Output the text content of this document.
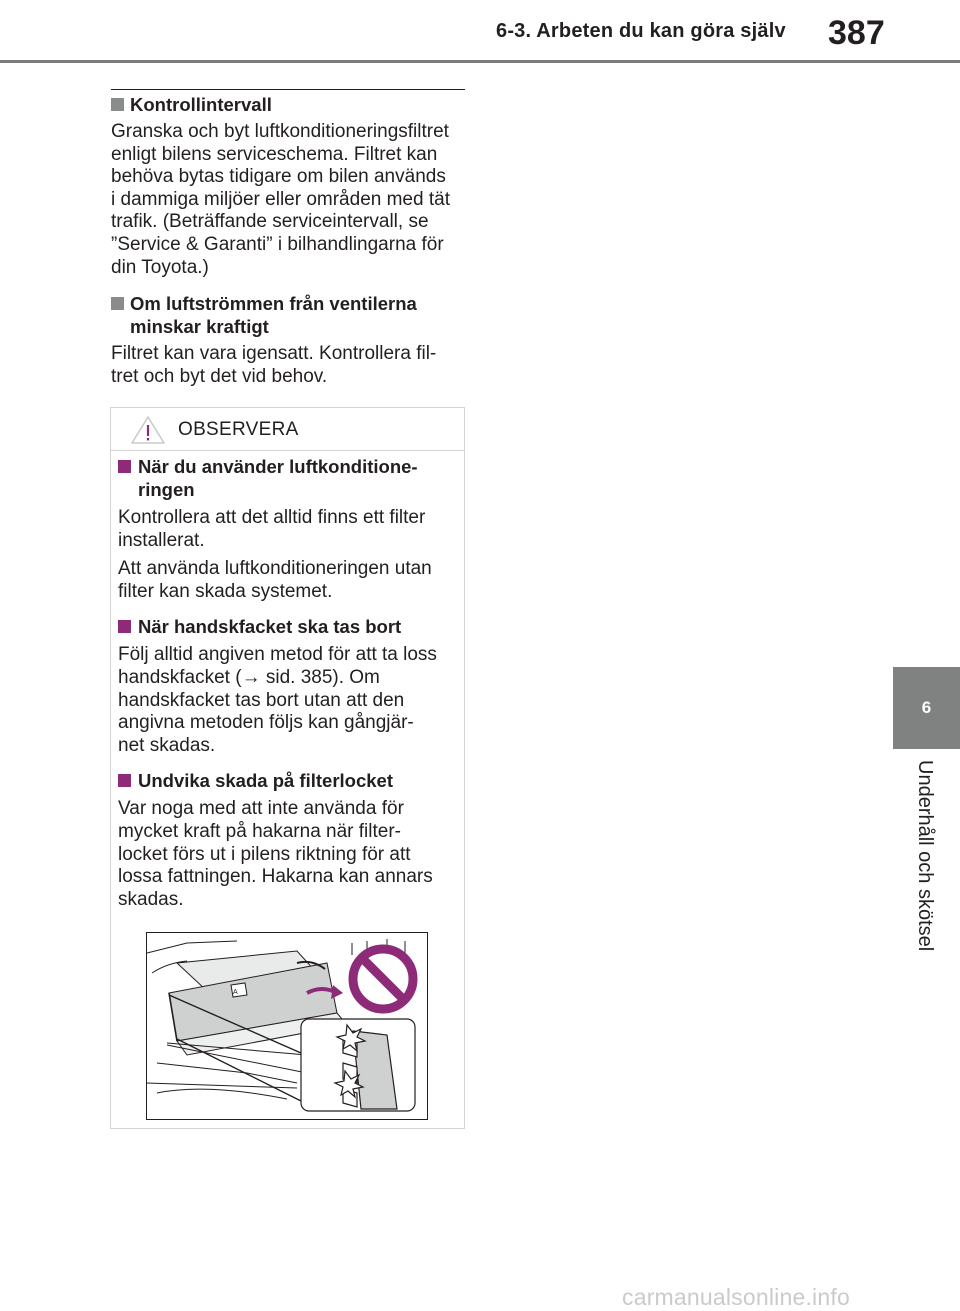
6-3. Arbeten du kan göra själv 387
6
Underhåll och skötsel
Kontrollintervall
Granska och byt luftkonditioneringsfiltret
enligt bilens serviceschema. Filtret kan
behöva bytas tidigare om bilen används
i dammiga miljöer eller områden med tät
trafik. (Beträffande serviceintervall, se
”Service & Garanti” i bilhandlingarna för
din Toyota.)
Om luftströmmen från ventilerna
minskar kraftigt
Filtret kan vara igensatt. Kontrollera fil-
tret och byt det vid behov.
OBSERVERA
När du använder luftkonditione-
ringen
Kontrollera att det alltid finns ett filter
installerat.
Att använda luftkonditioneringen utan
filter kan skada systemet.
När handskfacket ska tas bort
Följ alltid angiven metod för att ta loss
handskfacket (→ sid. 385). Om
handskfacket tas bort utan att den
angivna metoden följs kan gångjär-
net skadas.
Undvika skada på filterlocket
Var noga med att inte använda för
mycket kraft på hakarna när filter-
locket förs ut i pilens riktning för att
lossa fattningen. Hakarna kan annars
skadas.
A
carmanualsonline.info
